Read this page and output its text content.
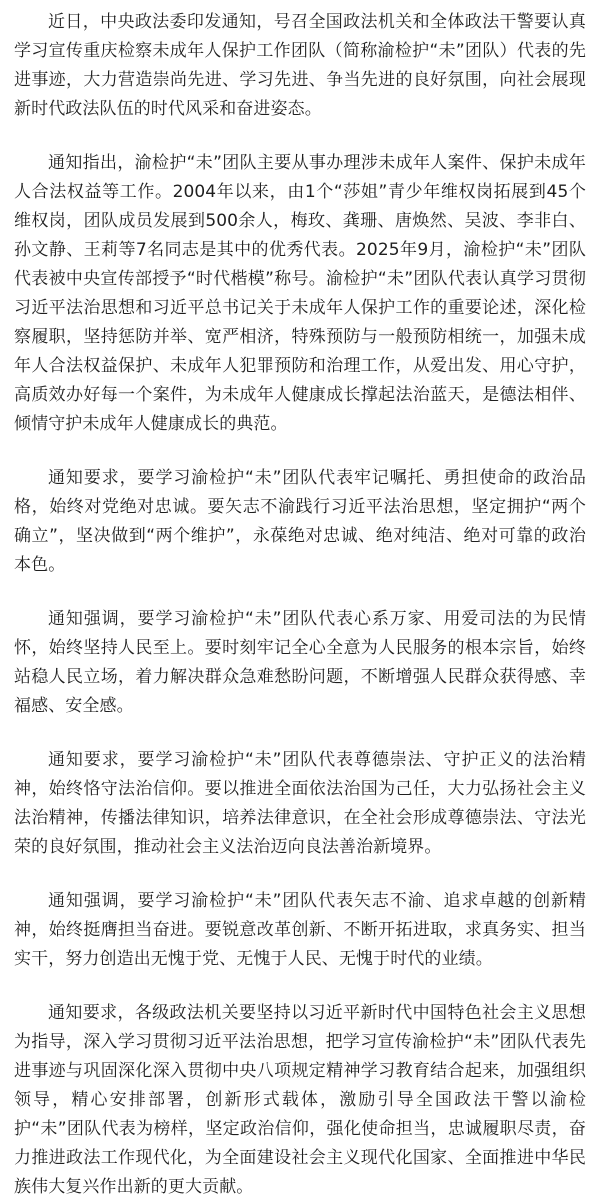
近日，中央政法委印发通知，号召全国政法机关和全体政法干警要认真学习宣传重庆检察未成年人保护工作团队（简称渝检护“未”团队）代表的先进事迹，大力营造崇尚先进、学习先进、争当先进的良好氛围，向社会展现新时代政法队伍的时代风采和奋进姿态。

通知指出，渝检护“未”团队主要从事办理涉未成年人案件、保护未成年人合法权益等工作。2004年以来，由1个“莎姐”青少年维权岗拓展到45个维权岗，团队成员发展到500余人，梅玫、龚珊、唐焕然、吴波、李非白、孙文静、王莉等7名同志是其中的优秀代表。2025年9月，渝检护“未”团队代表被中央宣传部授予“时代楷模”称号。渝检护“未”团队代表认真学习贯彻习近平法治思想和习近平总书记关于未成年人保护工作的重要论述，深化检察履职，坚持惩防并举、宽严相济，特殊预防与一般预防相统一，加强未成年人合法权益保护、未成年人犯罪预防和治理工作，从爱出发、用心守护，高质效办好每一个案件，为未成年人健康成长撑起法治蓝天，是德法相伴、倾情守护未成年人健康成长的典范。

通知要求，要学习渝检护“未”团队代表牢记嘱托、勇担使命的政治品格，始终对党绝对忠诚。要矢志不渝践行习近平法治思想，坚定拥护“两个确立”，坚决做到“两个维护”，永葆绝对忠诚、绝对纯洁、绝对可靠的政治本色。

通知强调，要学习渝检护“未”团队代表心系万家、用爱司法的为民情怀，始终坚持人民至上。要时刻牢记全心全意为人民服务的根本宗旨，始终站稳人民立场，着力解决群众急难愁盼问题，不断增强人民群众获得感、幸福感、安全感。

通知要求，要学习渝检护“未”团队代表尊德崇法、守护正义的法治精神，始终恪守法治信仰。要以推进全面依法治国为己任，大力弘扬社会主义法治精神，传播法律知识，培养法律意识，在全社会形成尊德崇法、守法光荣的良好氛围，推动社会主义法治迈向良法善治新境界。

通知强调，要学习渝检护“未”团队代表矢志不渝、追求卓越的创新精神，始终挺膺担当奋进。要锐意改革创新、不断开拓进取，求真务实、担当实干，努力创造出无愧于党、无愧于人民、无愧于时代的业绩。

通知要求，各级政法机关要坚持以习近平新时代中国特色社会主义思想为指导，深入学习贯彻习近平法治思想，把学习宣传渝检护“未”团队代表先进事迹与巩固深化深入贯彻中央八项规定精神学习教育结合起来，加强组织领导，精心安排部署，创新形式载体，激励引导全国政法干警以渝检护“未”团队代表为榜样，坚定政治信仰，强化使命担当，忠诚履职尽责，奋力推进政法工作现代化，为全面建设社会主义现代化国家、全面推进中华民族伟大复兴作出新的更大贡献。
